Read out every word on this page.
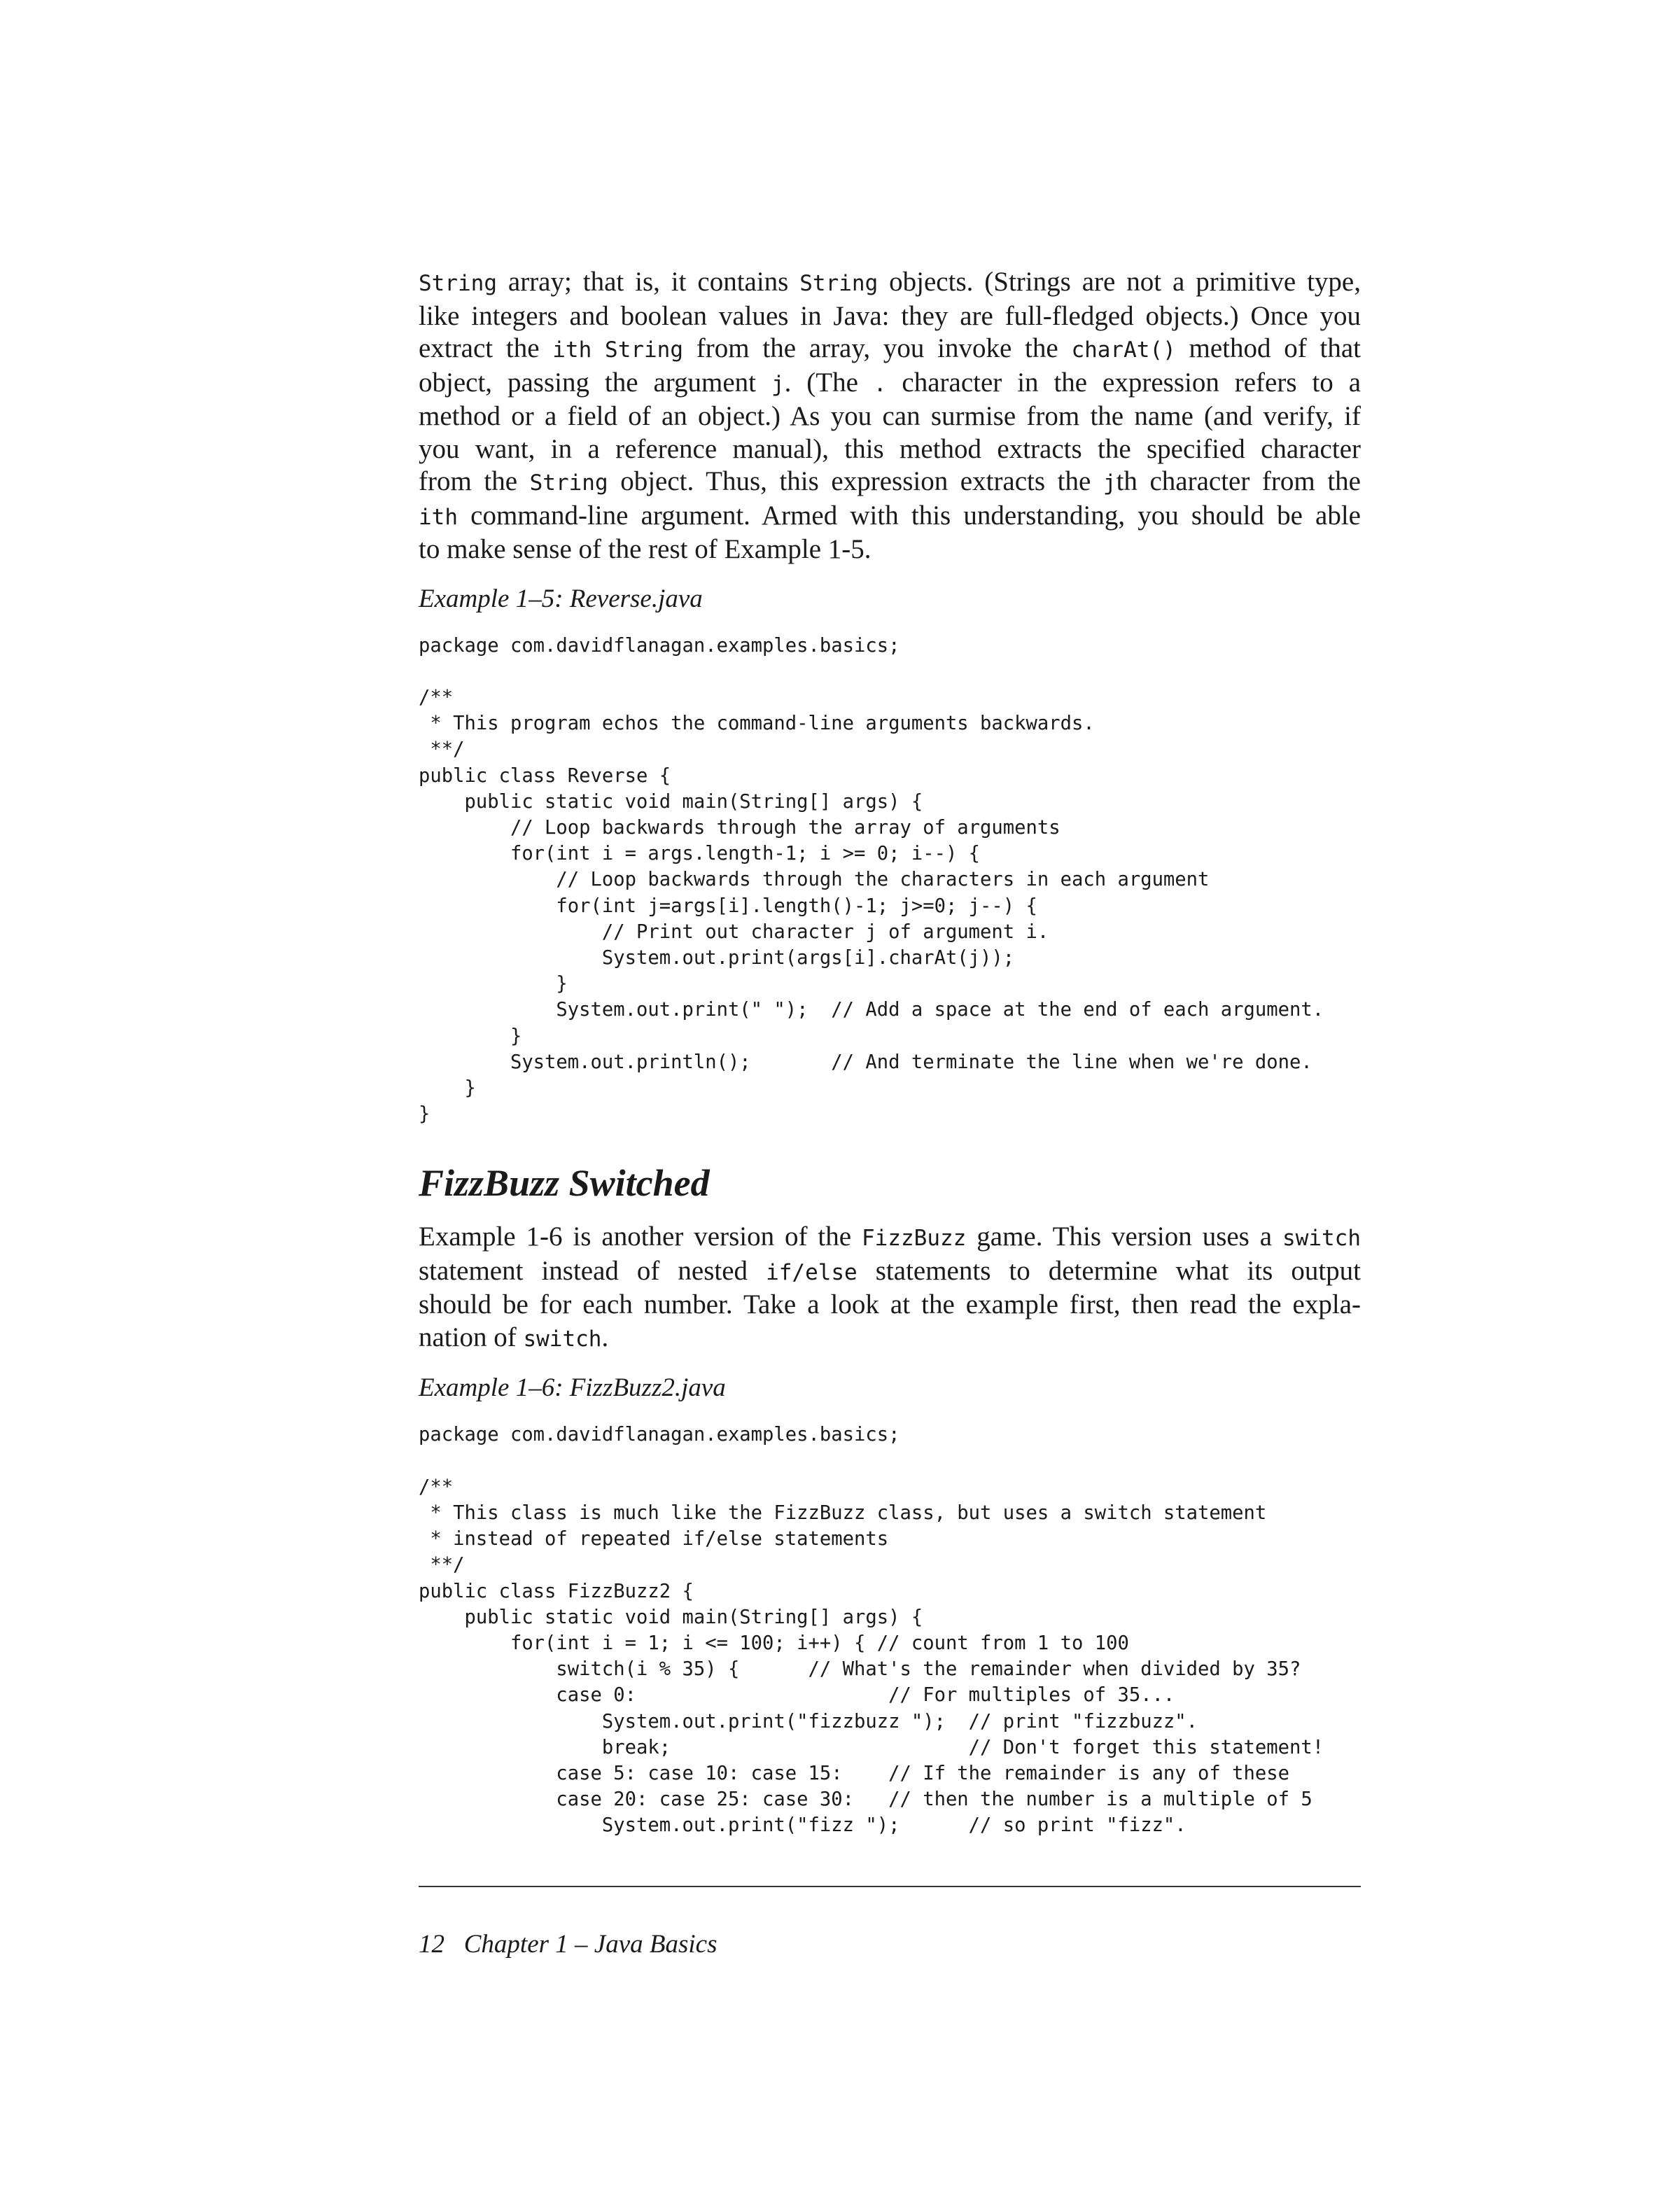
String array; that is, it contains String objects. (Strings are not a primitive type,
like integers and boolean values in Java: they are full-fledged objects.) Once you
extract the ith String from the array, you invoke the charAt() method of that
object, passing the argument j. (The . character in the expression refers to a
method or a field of an object.) As you can surmise from the name (and verify, if
you want, in a reference manual), this method extracts the specified character
from the String object. Thus, this expression extracts the jth character from the
ith command-line argument. Armed with this understanding, you should be able
to make sense of the rest of Example 1-5.

Example 1–5: Reverse.java

package com.davidflanagan.examples.basics;

/**
* This program echos the command-line arguments backwards.
**/
public class Reverse {
public static void main(String[] args) {
// Loop backwards through the array of arguments
for(int i = args.length-1; i >= 0; i--) {
// Loop backwards through the characters in each argument
for(int j=args[i].length()-1; j>=0; j--) {
// Print out character j of argument i.
System.out.print(args[i].charAt(j));
}
System.out.print(" ");  // Add a space at the end of each argument.
}
System.out.println();       // And terminate the line when we're done.
}
}
FizzBuzz Switched

Example 1-6 is another version of the FizzBuzz game. This version uses a switch
statement instead of nested if/else statements to determine what its output
should be for each number. Take a look at the example first, then read the expla-
nation of switch.

Example 1–6: FizzBuzz2.java

package com.davidflanagan.examples.basics;

/**
* This class is much like the FizzBuzz class, but uses a switch statement
* instead of repeated if/else statements
**/
public class FizzBuzz2 {
public static void main(String[] args) {
for(int i = 1; i <= 100; i++) { // count from 1 to 100
switch(i % 35) {      // What's the remainder when divided by 35?
case 0:                      // For multiples of 35...
System.out.print("fizzbuzz ");  // print "fizzbuzz".
break;                          // Don't forget this statement!
case 5: case 10: case 15:    // If the remainder is any of these
case 20: case 25: case 30:   // then the number is a multiple of 5
System.out.print("fizz ");      // so print "fizz".
12 Chapter 1 – Java Basics
